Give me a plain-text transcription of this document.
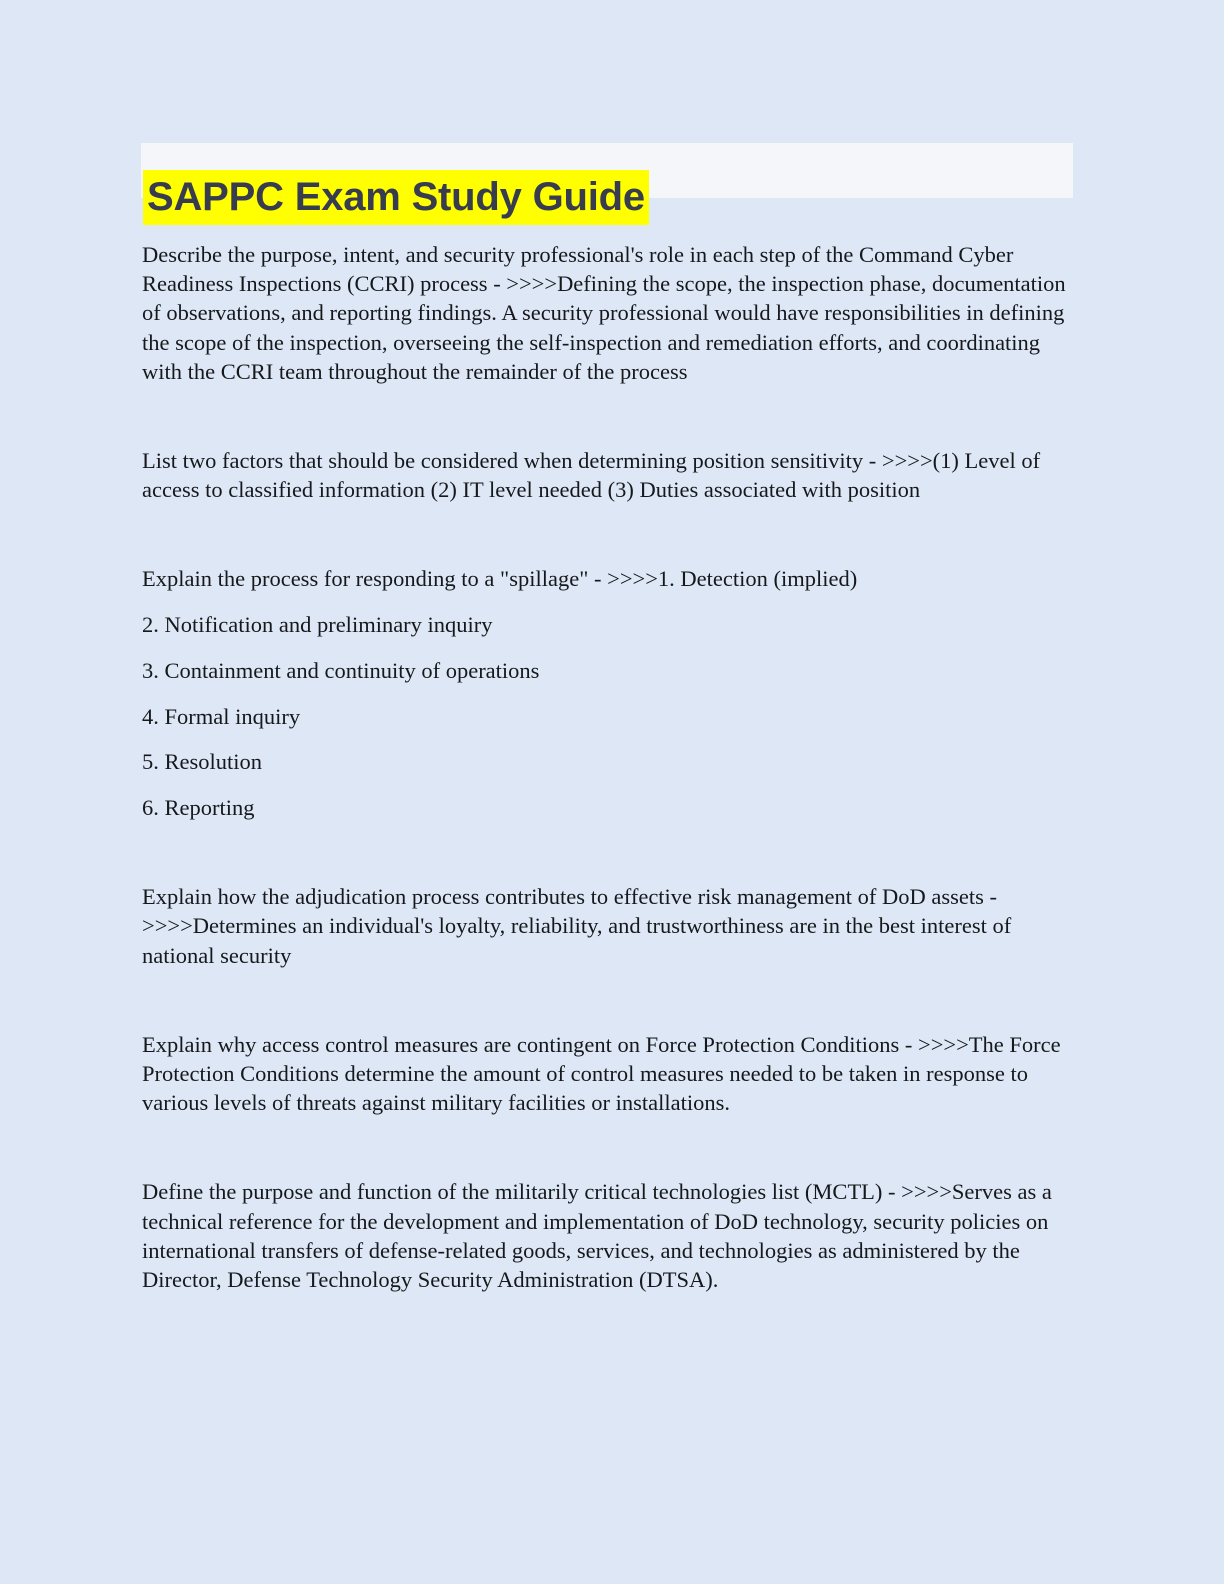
SAPPC Exam Study Guide

Describe the purpose, intent, and security professional's role in each step of the Command Cyber Readiness Inspections (CCRI) process - >>>>Defining the scope, the inspection phase, documentation of observations, and reporting findings. A security professional would have responsibilities in defining the scope of the inspection, overseeing the self-inspection and remediation efforts, and coordinating with the CCRI team throughout the remainder of the process

List two factors that should be considered when determining position sensitivity - >>>>(1) Level of access to classified information (2) IT level needed (3) Duties associated with position

Explain the process for responding to a "spillage" - >>>>1. Detection (implied)

2. Notification and preliminary inquiry

3. Containment and continuity of operations

4. Formal inquiry

5. Resolution

6. Reporting

Explain how the adjudication process contributes to effective risk management of DoD assets - >>>>Determines an individual's loyalty, reliability, and trustworthiness are in the best interest of national security

Explain why access control measures are contingent on Force Protection Conditions - >>>>The Force Protection Conditions determine the amount of control measures needed to be taken in response to various levels of threats against military facilities or installations.

Define the purpose and function of the militarily critical technologies list (MCTL) - >>>>Serves as a technical reference for the development and implementation of DoD technology, security policies on international transfers of defense-related goods, services, and technologies as administered by the Director, Defense Technology Security Administration (DTSA).
